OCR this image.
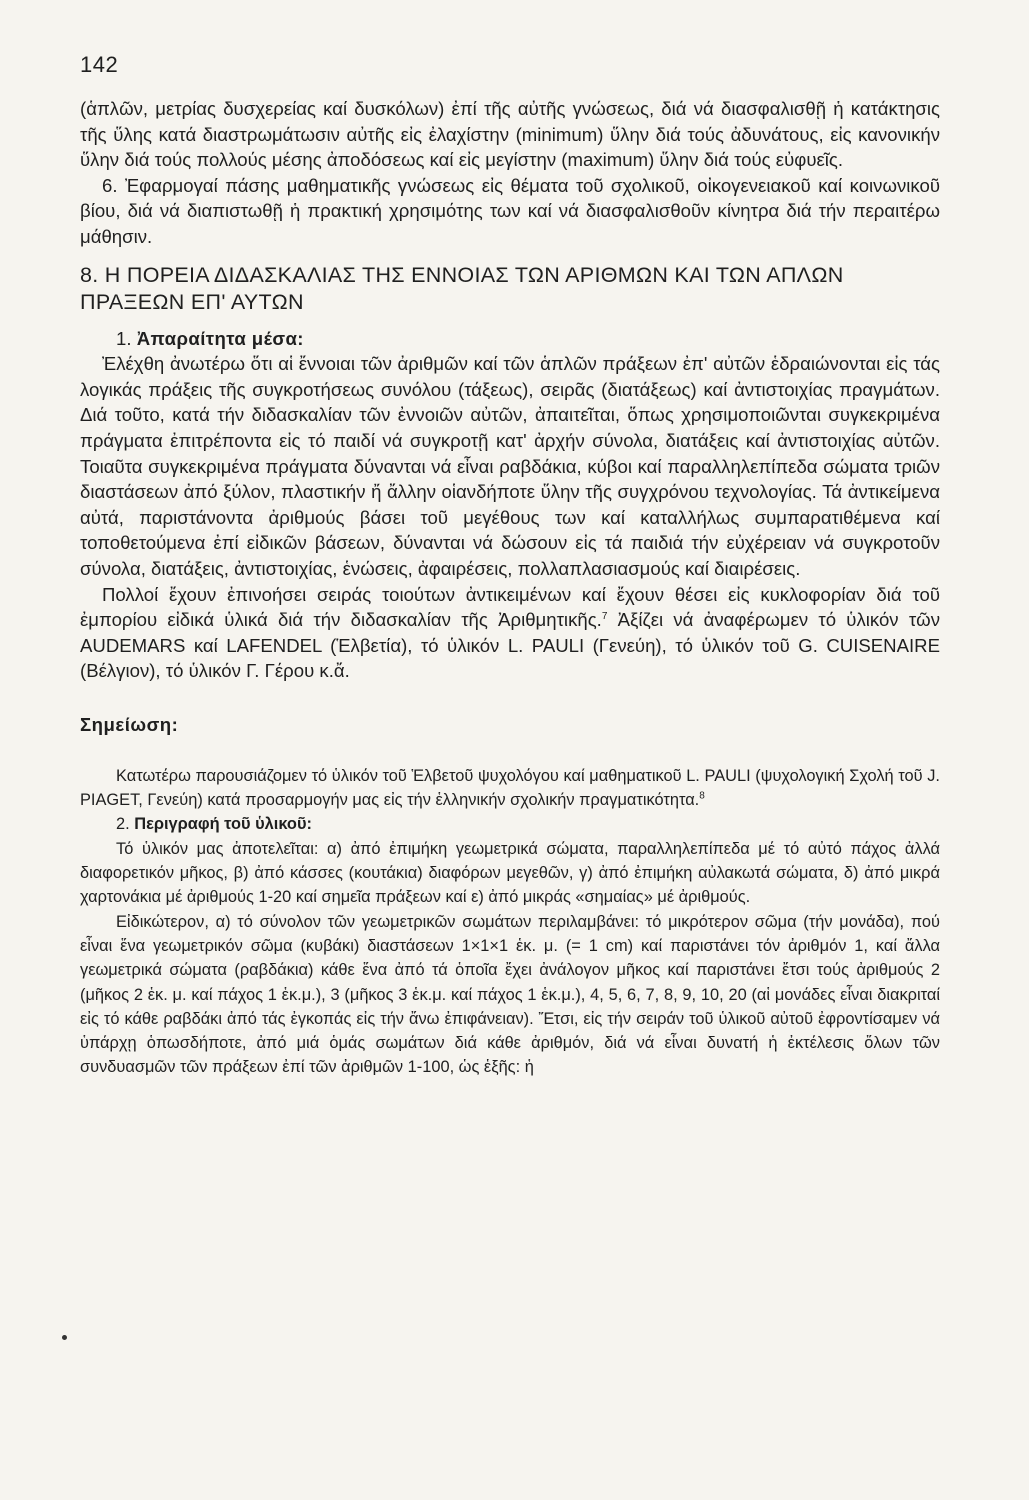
142

(ἁπλῶν, μετρίας δυσχερείας καί δυσκόλων) ἐπί τῆς αὐτῆς γνώσεως, διά νά διασφαλισθῇ ἡ κατάκτησις τῆς ὕλης κατά διαστρωμάτωσιν αὐτῆς εἰς ἐλαχίστην (minimum) ὕλην διά τούς ἀδυνάτους, εἰς κανονικήν ὕλην διά τούς πολλούς μέσης ἀποδόσεως καί εἰς μεγίστην (maximum) ὕλην διά τούς εὐφυεῖς.

6. Ἐφαρμογαί πάσης μαθηματικῆς γνώσεως εἰς θέματα τοῦ σχολικοῦ, οἰκογενειακοῦ καί κοινωνικοῦ βίου, διά νά διαπιστωθῇ ἡ πρακτική χρησιμότης των καί νά διασφαλισθοῦν κίνητρα διά τήν περαιτέρω μάθησιν.

8. Η ΠΟΡΕΙΑ ΔΙΔΑΣΚΑΛΙΑΣ ΤΗΣ ΕΝΝΟΙΑΣ ΤΩΝ ΑΡΙΘΜΩΝ ΚΑΙ ΤΩΝ ΑΠΛΩΝ ΠΡΑΞΕΩΝ ΕΠ' ΑΥΤΩΝ

1. Ἀπαραίτητα μέσα:

Ἐλέχθη ἀνωτέρω ὅτι αἱ ἔννοιαι τῶν ἀριθμῶν καί τῶν ἁπλῶν πράξεων ἐπ' αὐτῶν ἑδραιώνονται εἰς τάς λογικάς πράξεις τῆς συγκροτήσεως συνόλου (τάξεως), σειρᾶς (διατάξεως) καί ἀντιστοιχίας πραγμάτων. Διά τοῦτο, κατά τήν διδασκαλίαν τῶν ἐννοιῶν αὐτῶν, ἀπαιτεῖται, ὅπως χρησιμοποιῶνται συγκεκριμένα πράγματα ἐπιτρέποντα εἰς τό παιδί νά συγκροτῇ κατ' ἀρχήν σύνολα, διατάξεις καί ἀντιστοιχίας αὐτῶν. Τοιαῦτα συγκεκριμένα πράγματα δύνανται νά εἶναι ραβδάκια, κύβοι καί παραλληλεπίπεδα σώματα τριῶν διαστάσεων ἀπό ξύλον, πλαστικήν ἤ ἄλλην οἱανδήποτε ὕλην τῆς συγχρόνου τεχνολογίας. Τά ἀντικείμενα αὐτά, παριστάνοντα ἀριθμούς βάσει τοῦ μεγέθους των καί καταλλήλως συμπαρατιθέμενα καί τοποθετούμενα ἐπί εἰδικῶν βάσεων, δύνανται νά δώσουν εἰς τά παιδιά τήν εὐχέρειαν νά συγκροτοῦν σύνολα, διατάξεις, ἀντιστοιχίας, ἑνώσεις, ἀφαιρέσεις, πολλαπλασιασμούς καί διαιρέσεις.

Πολλοί ἔχουν ἐπινοήσει σειράς τοιούτων ἀντικειμένων καί ἔχουν θέσει εἰς κυκλοφορίαν διά τοῦ ἐμπορίου εἰδικά ὑλικά διά τήν διδασκαλίαν τῆς Ἀριθμητικῆς.$^7$ Ἀξίζει νά ἀναφέρωμεν τό ὑλικόν τῶν AUDEMARS καί LAFENDEL (Ἑλβετία), τό ὑλικόν L. PAULI (Γενεύη), τό ὑλικόν τοῦ G. CUISENAIRE (Βέλγιον), τό ὑλικόν Γ. Γέρου κ.ἄ.

Σημείωση:

Κατωτέρω παρουσιάζομεν τό ὑλικόν τοῦ Ἑλβετοῦ ψυχολόγου καί μαθηματικοῦ L. PAULI (ψυχολογική Σχολή τοῦ J. PIAGET, Γενεύη) κατά προσαρμογήν μας εἰς τήν ἑλληνικήν σχολικήν πραγματικότητα.$^8$

2. Περιγραφή τοῦ ὑλικοῦ:

Τό ὑλικόν μας ἀποτελεῖται: α) ἀπό ἐπιμήκη γεωμετρικά σώματα, παραλληλεπίπεδα μέ τό αὐτό πάχος ἀλλά διαφορετικόν μῆκος, β) ἀπό κάσσες (κουτάκια) διαφόρων μεγεθῶν, γ) ἀπό ἐπιμήκη αὐλακωτά σώματα, δ) ἀπό μικρά χαρτονάκια μέ ἀριθμούς 1-20 καί σημεῖα πράξεων καί ε) ἀπό μικράς «σημαίας» μέ ἀριθμούς.

Εἰδικώτερον, α) τό σύνολον τῶν γεωμετρικῶν σωμάτων περιλαμβάνει: τό μικρότερον σῶμα (τήν μονάδα), πού εἶναι ἕνα γεωμετρικόν σῶμα (κυβάκι) διαστάσεων 1×1×1 ἑκ. μ. (= 1 cm) καί παριστάνει τόν ἀριθμόν 1, καί ἄλλα γεωμετρικά σώματα (ραβδάκια) κάθε ἕνα ἀπό τά ὁποῖα ἔχει ἀνάλογον μῆκος καί παριστάνει ἔτσι τούς ἀριθμούς 2 (μῆκος 2 ἑκ. μ. καί πάχος 1 ἑκ.μ.), 3 (μῆκος 3 ἑκ.μ. καί πάχος 1 ἑκ.μ.), 4, 5, 6, 7, 8, 9, 10, 20 (αἱ μονάδες εἶναι διακριταί εἰς τό κάθε ραβδάκι ἀπό τάς ἐγκοπάς εἰς τήν ἄνω ἐπιφάνειαν). Ἔτσι, εἰς τήν σειράν τοῦ ὑλικοῦ αὐτοῦ ἐφροντίσαμεν νά ὑπάρχῃ ὁπωσδήποτε, ἀπό μιά ὁμάς σωμάτων διά κάθε ἀριθμόν, διά νά εἶναι δυνατή ἡ ἐκτέλεσις ὅλων τῶν συνδυασμῶν τῶν πράξεων ἐπί τῶν ἀριθμῶν 1-100, ὡς ἑξῆς: ἡ
